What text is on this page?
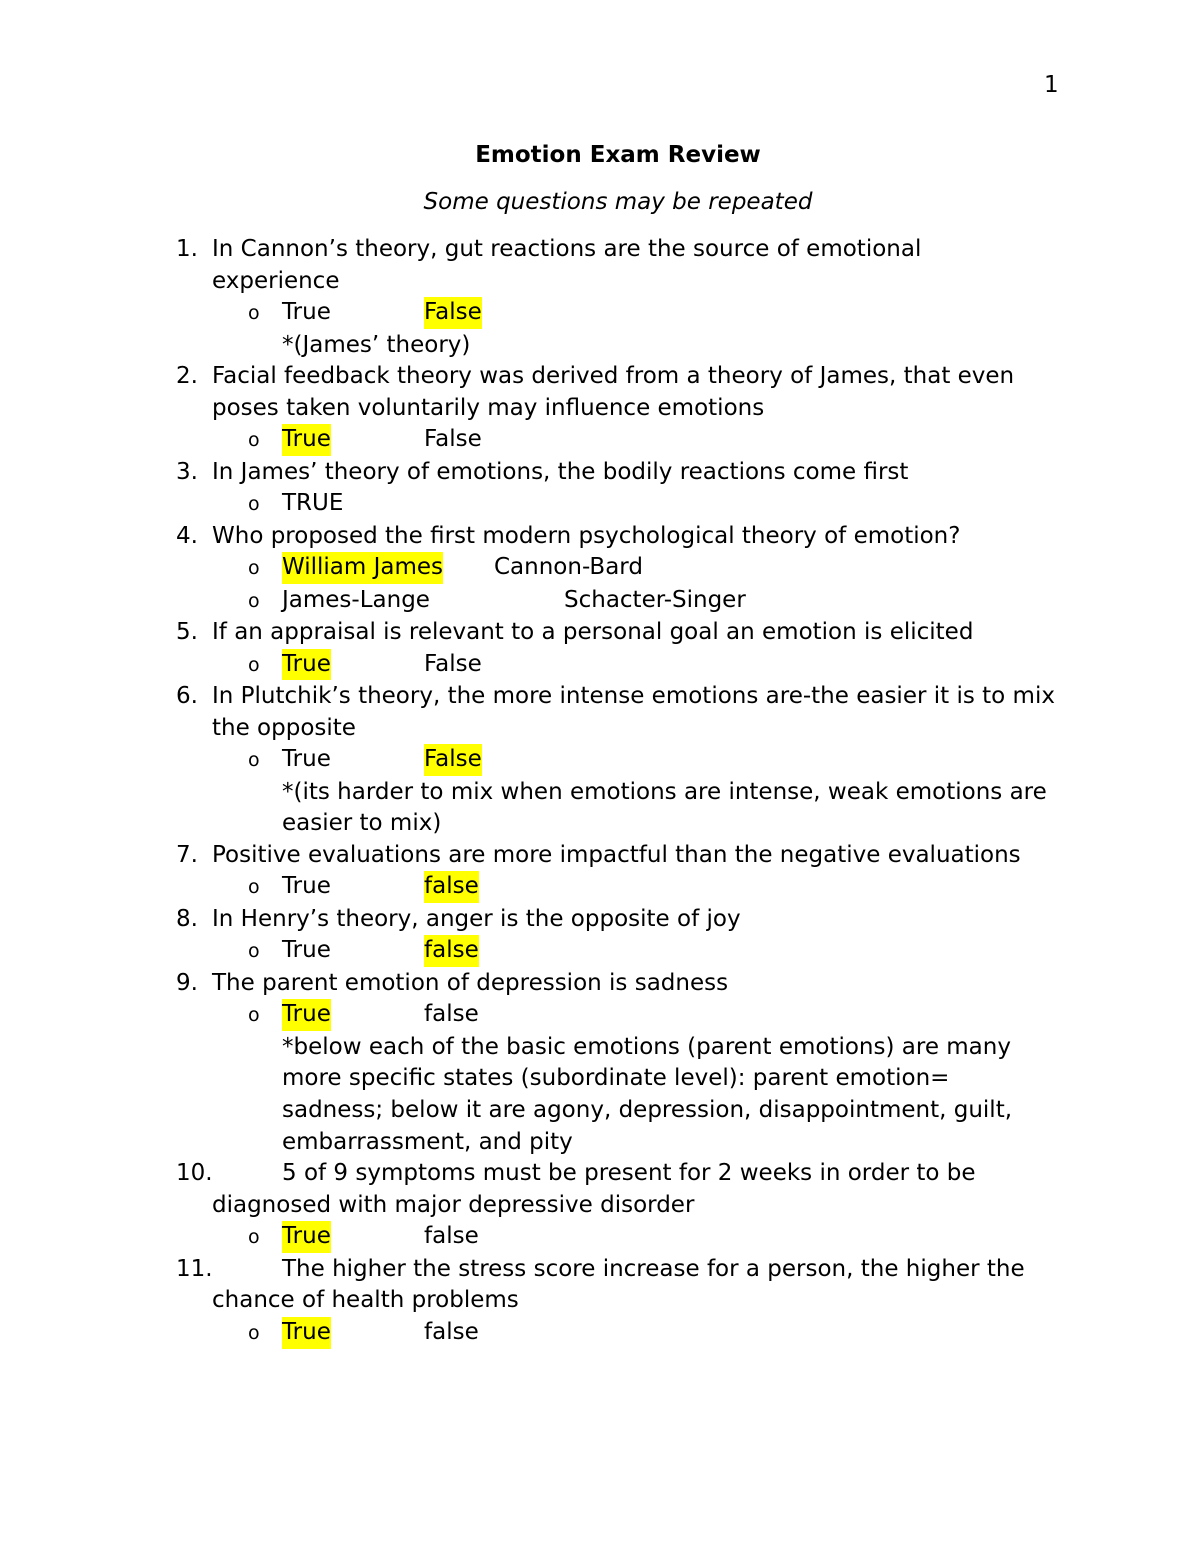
1
Emotion Exam Review
Some questions may be repeated
1. In Cannon’s theory, gut reactions are the source of emotional experience
o True	False
*(James’ theory)
2. Facial feedback theory was derived from a theory of James, that even poses taken voluntarily may influence emotions
o True	False
3. In James’ theory of emotions, the bodily reactions come first
o TRUE
4. Who proposed the first modern psychological theory of emotion?
o William James Cannon-Bard
o James-Lange	Schacter-Singer
5. If an appraisal is relevant to a personal goal an emotion is elicited
o True	False
6. In Plutchik’s theory, the more intense emotions are-the easier it is to mix the opposite
o True	False
*(its harder to mix when emotions are intense, weak emotions are easier to mix)
7. Positive evaluations are more impactful than the negative evaluations
o True	false
8. In Henry’s theory, anger is the opposite of joy
o True	false
9. The parent emotion of depression is sadness
o True	false
*below each of the basic emotions (parent emotions) are many more specific states (subordinate level): parent emotion= sadness; below it are agony, depression, disappointment, guilt, embarrassment, and pity
10.	5 of 9 symptoms must be present for 2 weeks in order to be diagnosed with major depressive disorder
o True	false
11.	The higher the stress score increase for a person, the higher the chance of health problems
o True	false
